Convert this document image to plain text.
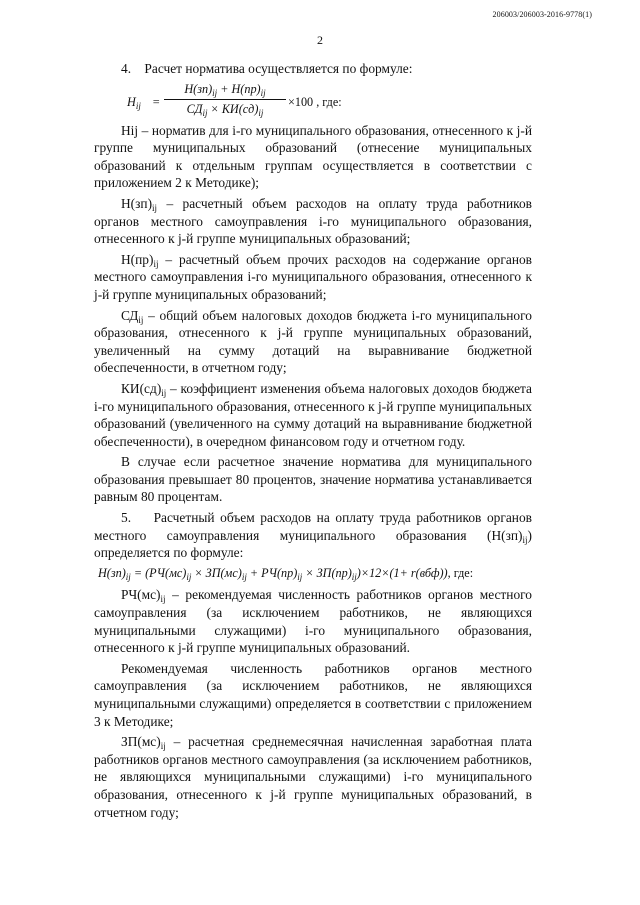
206003/206003-2016-9778(1)
2

4.    Расчет норматива осуществляется по формуле:

$H_{ij}$ =
$H(зп)_{ij} + H(пр)_{ij}$
$СД_{ij} \times КИ(сд)_{ij}$
×100 , где:

Hij – норматив для i-го муниципального образования, отнесенного к j-й группе муниципальных образований (отнесение муниципальных образований к отдельным группам осуществляется в соответствии с приложением 2 к Методике);

$Н(зп)_{ij}$ – расчетный объем расходов на оплату труда работников органов местного самоуправления i-го муниципального образования, отнесенного к j-й группе муниципальных образований;

$Н(пр)_{ij}$ – расчетный объем прочих расходов на содержание органов местного самоуправления i-го муниципального образования, отнесенного к j-й группе муниципальных образований;

$СД_{ij}$ – общий объем налоговых доходов бюджета i-го муниципального образования, отнесенного к j-й группе муниципальных образований, увеличенный на сумму дотаций на выравнивание бюджетной обеспеченности, в отчетном году;

$КИ(сд)_{ij}$ – коэффициент изменения объема налоговых доходов бюджета i-го муниципального образования, отнесенного к j-й группе муниципальных образований (увеличенного на сумму дотаций на выравнивание бюджетной обеспеченности), в очередном финансовом году и отчетном году.

В случае если расчетное значение норматива для муниципального образования превышает 80 процентов, значение норматива устанавливается равным 80 процентам.

5.    Расчетный объем расходов на оплату труда работников органов местного самоуправления муниципального образования $(Н(зп)_{ij})$ определяется по формуле:

$H(зп)_{ij} = (РЧ(мс)_{ij} \times ЗП(мс)_{ij} + РЧ(пр)_{ij} \times ЗП(пр)_{ij})\times 12\times(1+ r(вбф))$, где:

$РЧ(мс)_{ij}$ – рекомендуемая численность работников органов местного самоуправления (за исключением работников, не являющихся муниципальными служащими) i-го муниципального образования, отнесенного к j-й группе муниципальных образований.

Рекомендуемая численность работников органов местного самоуправления (за исключением работников, не являющихся муниципальными служащими) определяется в соответствии с приложением 3 к Методике;

$ЗП(мс)_{ij}$ – расчетная среднемесячная начисленная заработная плата работников органов местного самоуправления (за исключением работников, не являющихся муниципальными служащими) i-го муниципального образования, отнесенного к j-й группе муниципальных образований, в отчетном году;
